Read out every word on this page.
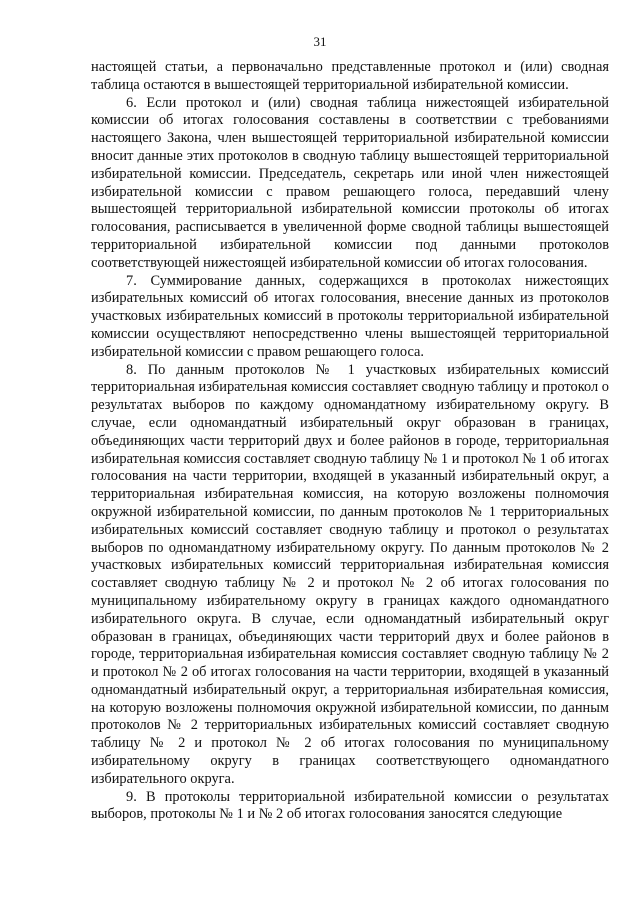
31

настоящей статьи, а первоначально представленные протокол и (или) сводная таблица остаются в вышестоящей территориальной избирательной комиссии.

6. Если протокол и (или) сводная таблица нижестоящей избирательной комиссии об итогах голосования составлены в соответствии с требованиями настоящего Закона, член вышестоящей территориальной избирательной комиссии вносит данные этих протоколов в сводную таблицу вышестоящей территориальной избирательной комиссии. Председатель, секретарь или иной член нижестоящей избирательной комиссии с правом решающего голоса, передавший члену вышестоящей территориальной избирательной комиссии протоколы об итогах голосования, расписывается в увеличенной форме сводной таблицы вышестоящей территориальной избирательной комиссии под данными протоколов соответствующей нижестоящей избирательной комиссии об итогах голосования.

7. Суммирование данных, содержащихся в протоколах нижестоящих избирательных комиссий об итогах голосования, внесение данных из протоколов участковых избирательных комиссий в протоколы территориальной избирательной комиссии осуществляют непосредственно члены вышестоящей территориальной избирательной комиссии с правом решающего голоса.

8. По данным протоколов № 1 участковых избирательных комиссий территориальная избирательная комиссия составляет сводную таблицу и протокол о результатах выборов по каждому одномандатному избирательному округу. В случае, если одномандатный избирательный округ образован в границах, объединяющих части территорий двух и более районов в городе, территориальная избирательная комиссия составляет сводную таблицу № 1 и протокол № 1 об итогах голосования на части территории, входящей в указанный избирательный округ, а территориальная избирательная комиссия, на которую возложены полномочия окружной избирательной комиссии, по данным протоколов № 1 территориальных избирательных комиссий составляет сводную таблицу и протокол о результатах выборов по одномандатному избирательному округу. По данным протоколов № 2 участковых избирательных комиссий территориальная избирательная комиссия составляет сводную таблицу № 2 и протокол № 2 об итогах голосования по муниципальному избирательному округу в границах каждого одномандатного избирательного округа. В случае, если одномандатный избирательный округ образован в границах, объединяющих части территорий двух и более районов в городе, территориальная избирательная комиссия составляет сводную таблицу № 2 и протокол № 2 об итогах голосования на части территории, входящей в указанный одномандатный избирательный округ, а территориальная избирательная комиссия, на которую возложены полномочия окружной избирательной комиссии, по данным протоколов № 2 территориальных избирательных комиссий составляет сводную таблицу № 2 и протокол № 2 об итогах голосования по муниципальному избирательному округу в границах соответствующего одномандатного избирательного округа.

9. В протоколы территориальной избирательной комиссии о результатах выборов, протоколы № 1 и № 2 об итогах голосования заносятся следующие
